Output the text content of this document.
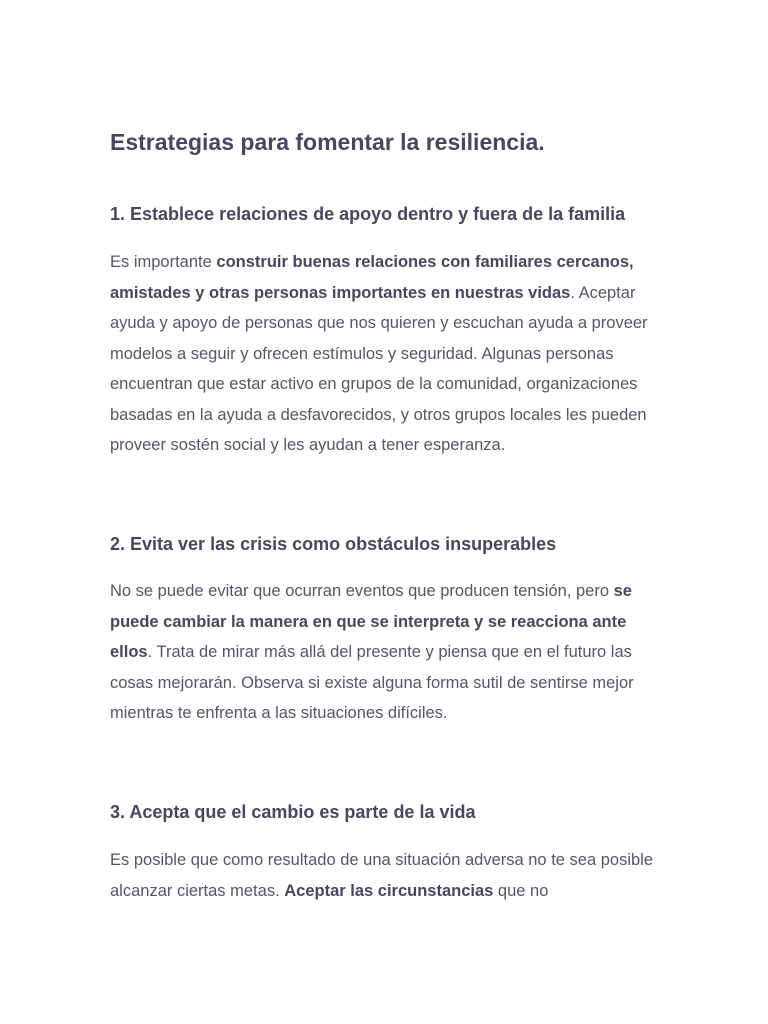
Estrategias para fomentar la resiliencia.
1. Establece relaciones de apoyo dentro y fuera de la familia

Es importante construir buenas relaciones con familiares cercanos, amistades y otras personas importantes en nuestras vidas. Aceptar ayuda y apoyo de personas que nos quieren y escuchan ayuda a proveer modelos a seguir y ofrecen estímulos y seguridad. Algunas personas encuentran que estar activo en grupos de la comunidad, organizaciones basadas en la ayuda a desfavorecidos, y otros grupos locales les pueden proveer sostén social y les ayudan a tener esperanza.

2. Evita ver las crisis como obstáculos insuperables

No se puede evitar que ocurran eventos que producen tensión, pero se puede cambiar la manera en que se interpreta y se reacciona ante ellos. Trata de mirar más allá del presente y piensa que en el futuro las cosas mejorarán. Observa si existe alguna forma sutil de sentirse mejor mientras te enfrenta a las situaciones difíciles.

3. Acepta que el cambio es parte de la vida

Es posible que como resultado de una situación adversa no te sea posible alcanzar ciertas metas. Aceptar las circunstancias que no
